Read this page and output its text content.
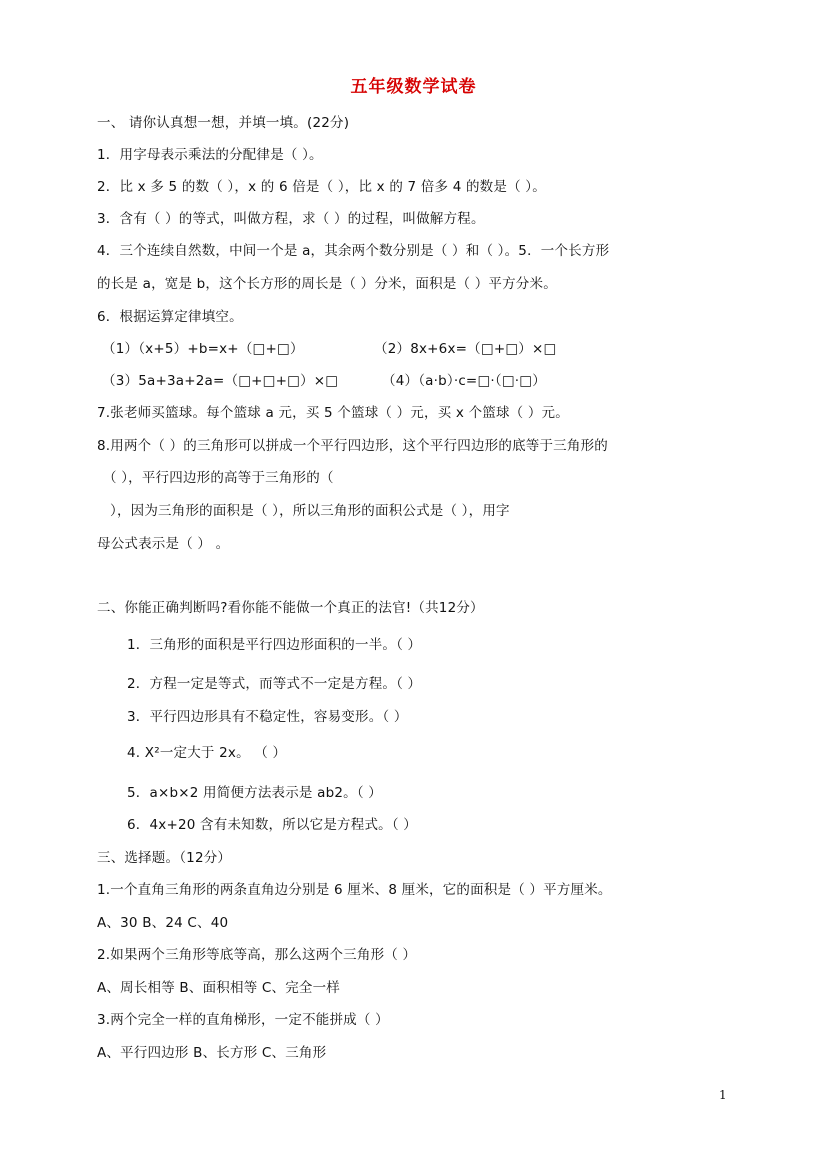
五年级数学试卷
一、 请你认真想一想，并填一填。(22分)
1．用字母表示乘法的分配律是（ ）。
2．比 x 多 5 的数（ ），x 的 6 倍是（ ），比 x 的 7 倍多 4 的数是（ ）。
3．含有（ ）的等式，叫做方程，求（ ）的过程，叫做解方程。
4．三个连续自然数，中间一个是 a，其余两个数分别是（ ）和（ ）。5．一个长方形
的长是 a，宽是 b，这个长方形的周长是（ ）分米，面积是（ ）平方分米。
6．根据运算定律填空。
（1）（x+5）+b=x+（□+□）	（2）8x+6x=（□+□）×□
（3）5a+3a+2a=（□+□+□）×□	（4）（a·b）·c=□·（□·□）
7.张老师买篮球。每个篮球 a 元，买 5 个篮球（ ）元，买 x 个篮球（ ）元。
8.用两个（ ）的三角形可以拼成一个平行四边形，这个平行四边形的底等于三角形的
（ ），平行四边形的高等于三角形的（
），因为三角形的面积是（ ），所以三角形的面积公式是（ ），用字
母公式表示是（ ） 。
二、你能正确判断吗?看你能不能做一个真正的法官!（共12分）
1．三角形的面积是平行四边形面积的一半。（ ）
2．方程一定是等式，而等式不一定是方程。（ ）
3．平行四边形具有不稳定性，容易变形。（ ）
4. X²一定大于 2x。 （ ）
5．a×b×2 用简便方法表示是 ab2。（ ）
6．4x+20 含有未知数，所以它是方程式。（ ）
三、选择题。（12分）
1.一个直角三角形的两条直角边分别是 6 厘米、8 厘米，它的面积是（ ）平方厘米。
A、30 B、24 C、40
2.如果两个三角形等底等高，那么这两个三角形（ ）
A、周长相等 B、面积相等 C、完全一样
3.两个完全一样的直角梯形，一定不能拼成（ ）
A、平行四边形 B、长方形 C、三角形
1
